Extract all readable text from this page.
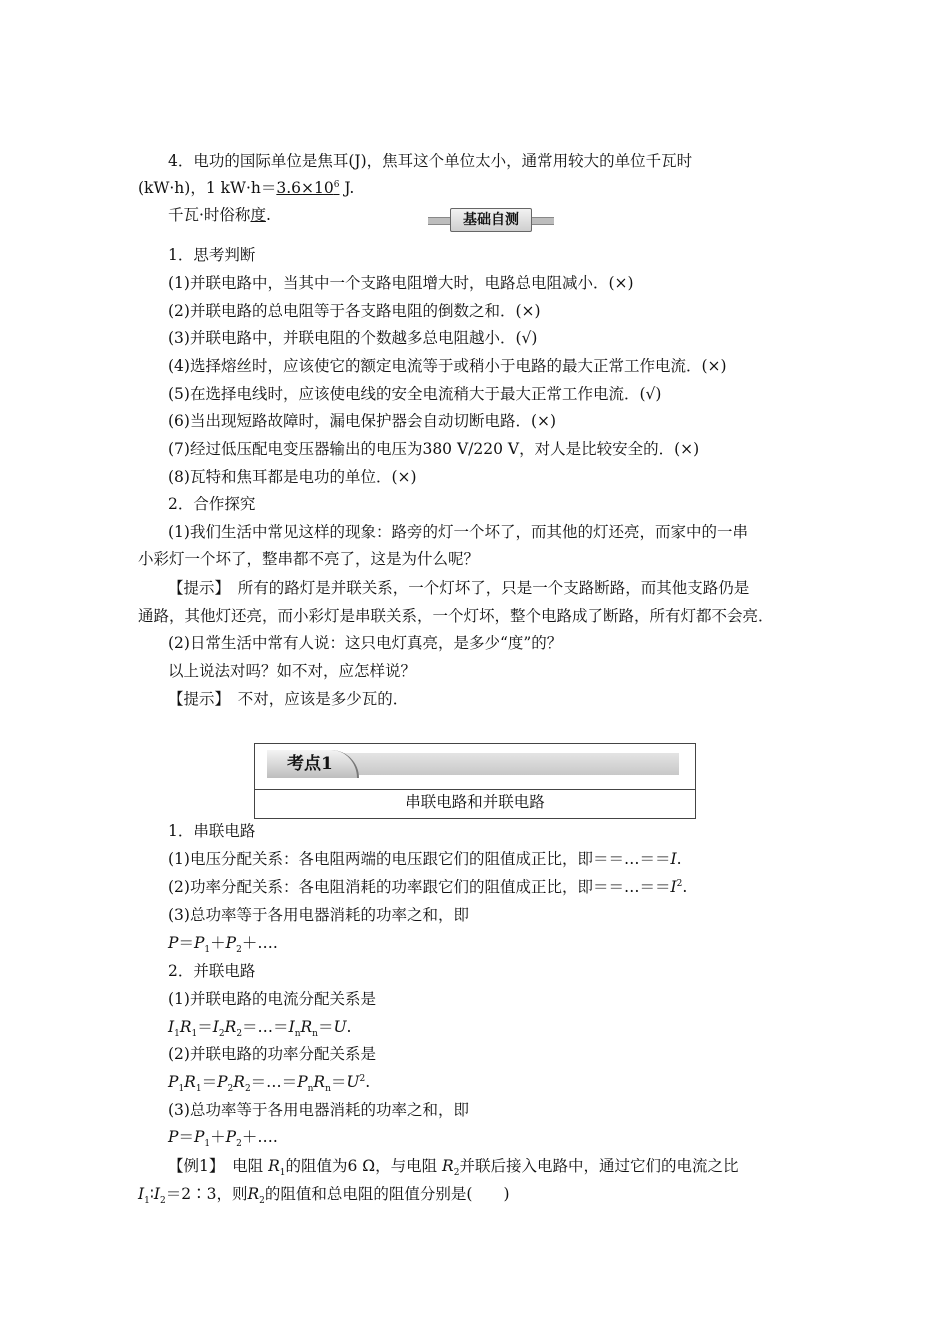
4．电功的国际单位是焦耳(J)，焦耳这个单位太小，通常用较大的单位千瓦时
(kW·h)，1 $kW\cdot h=3.6\times 10^6$ J.
千瓦·时俗称度.	基础自测
1．思考判断
(1)并联电路中，当其中一个支路电阻增大时，电路总电阻减小．(×)
(2)并联电路的总电阻等于各支路电阻的倒数之和．(×)
(3)并联电路中，并联电阻的个数越多总电阻越小．(√)
(4)选择熔丝时，应该使它的额定电流等于或稍小于电路的最大正常工作电流．(×)
(5)在选择电线时，应该使电线的安全电流稍大于最大正常工作电流．(√)
(6)当出现短路故障时，漏电保护器会自动切断电路．(×)
(7)经过低压配电变压器输出的电压为380 V/220 V，对人是比较安全的．(×)
(8)瓦特和焦耳都是电功的单位．(×)
2．合作探究
(1)我们生活中常见这样的现象：路旁的灯一个坏了，而其他的灯还亮，而家中的一串
小彩灯一个坏了，整串都不亮了，这是为什么呢？
【提示】　所有的路灯是并联关系，一个灯坏了，只是一个支路断路，而其他支路仍是
通路，其他灯还亮，而小彩灯是串联关系，一个灯坏，整个电路成了断路，所有灯都不会亮．
(2)日常生活中常有人说：这只电灯真亮，是多少“度”的？
以上说法对吗？如不对，应怎样说？
【提示】　不对，应该是多少瓦的．
考点1
串联电路和并联电路
1．串联电路
(1)电压分配关系：各电阻两端的电压跟它们的阻值成正比，即＝＝…＝＝I.
(2)功率分配关系：各电阻消耗的功率跟它们的阻值成正比，即$==\dots==I^2$.
(3)总功率等于各用电器消耗的功率之和，即
$P=P_1+P_2+\dots$.
2．并联电路
(1)并联电路的电流分配关系是
$I_1R_1=I_2R_2=\dots=I_nR_n=U$.
(2)并联电路的功率分配关系是
$P_1R_1=P_2R_2=\dots=P_nR_n=U^2$.
(3)总功率等于各用电器消耗的功率之和，即
$P=P_1+P_2+\dots$.
【例1】　电阻 $R_1$的阻值为6 Ω，与电阻 $R_2$并联后接入电路中，通过它们的电流之比
$I_1∶I_2=2∶3$，则$R_2$的阻值和总电阻的阻值分别是(　　)
